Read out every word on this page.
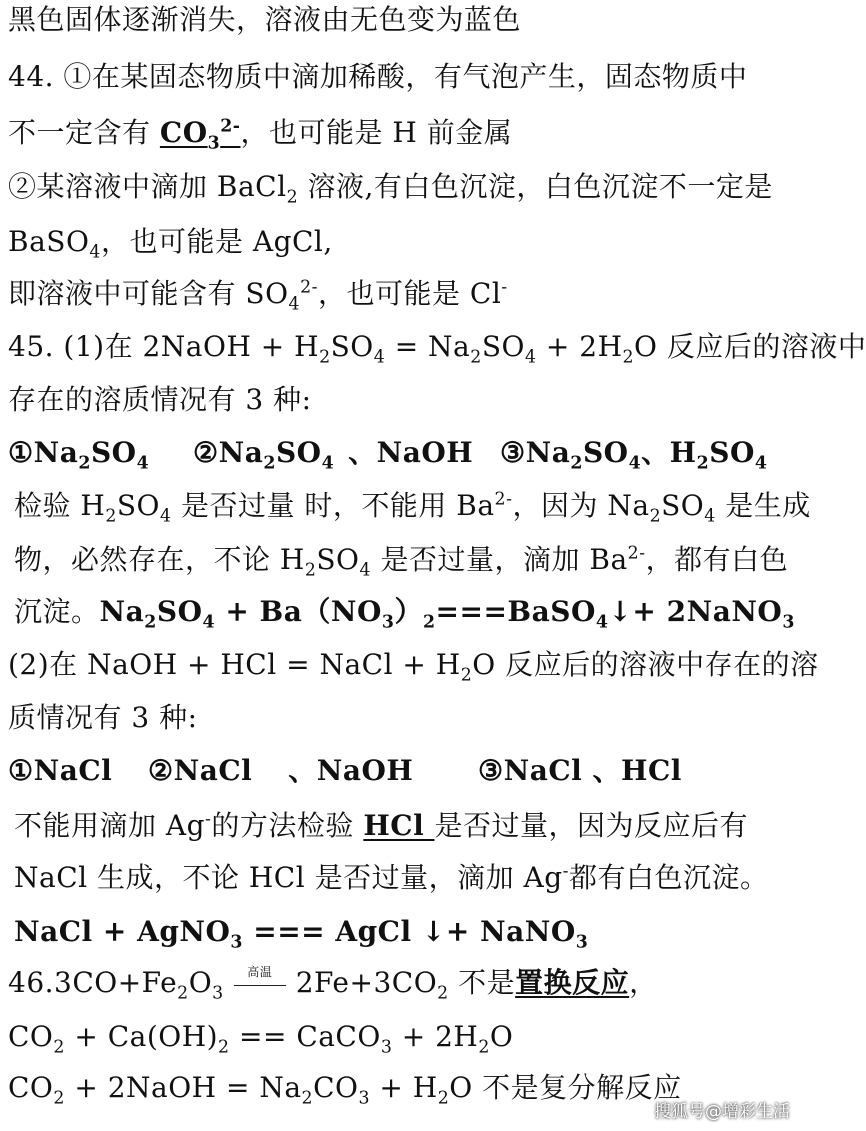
黑色固体逐渐消失，溶液由无色变为蓝色
44. ①在某固态物质中滴加稀酸，有气泡产生，固态物质中
不一定含有 $CO_3^{2-}$，也可能是 H 前金属
②某溶液中滴加 BaCl$_2$ 溶液,有白色沉淀，白色沉淀不一定是
BaSO$_4$，也可能是 AgCl,
即溶液中可能含有 $SO_4^{2-}$，也可能是 Cl-
45. (1)在 2NaOH + $H_2SO_4 = Na_2SO_4 + 2H_2O$ 反应后的溶液中
存在的溶质情况有 3 种:
$①Na_2SO_4$ $②Na_2SO_4$ 、NaOH $③Na_2SO_4$、$H_2SO_4$
检验 $H_2SO_4$ 是否过量 时，不能用 $Ba^{2-}$，因为 $Na_2SO_4$ 是生成
物，必然存在，不论 $H_2SO_4$ 是否过量，滴加 $Ba^{2-}$，都有白色
沉淀。$Na_2SO_4$ + $Ba(NO_3)_2===BaSO_4↓+$ 2NaNO$_3$
(2)在 NaOH + HCl = NaCl + $H_2O$ 反应后的溶液中存在的溶
质情况有 3 种:
①NaCl ②NaCl 、NaOH ③NaCl 、HCl
不能用滴加 Ag-的方法检验 HCl 是否过量，因为反应后有
NaCl 生成，不论 HCl 是否过量，滴加 Ag-都有白色沉淀。
NaCl + AgNO$_3$ === AgCl ↓+ NaNO$_3$
$46.3CO+Fe_2O_3$
高温 $2Fe+3CO_2$ 不是置换反应，
$CO_2 + Ca(OH)_2$ == CaCO$_3$ + $2H_2O$
$CO_2$ + 2NaOH = $Na_2CO_3 + H_2O$ 不是复分解反应
搜狐号@增彩生活
